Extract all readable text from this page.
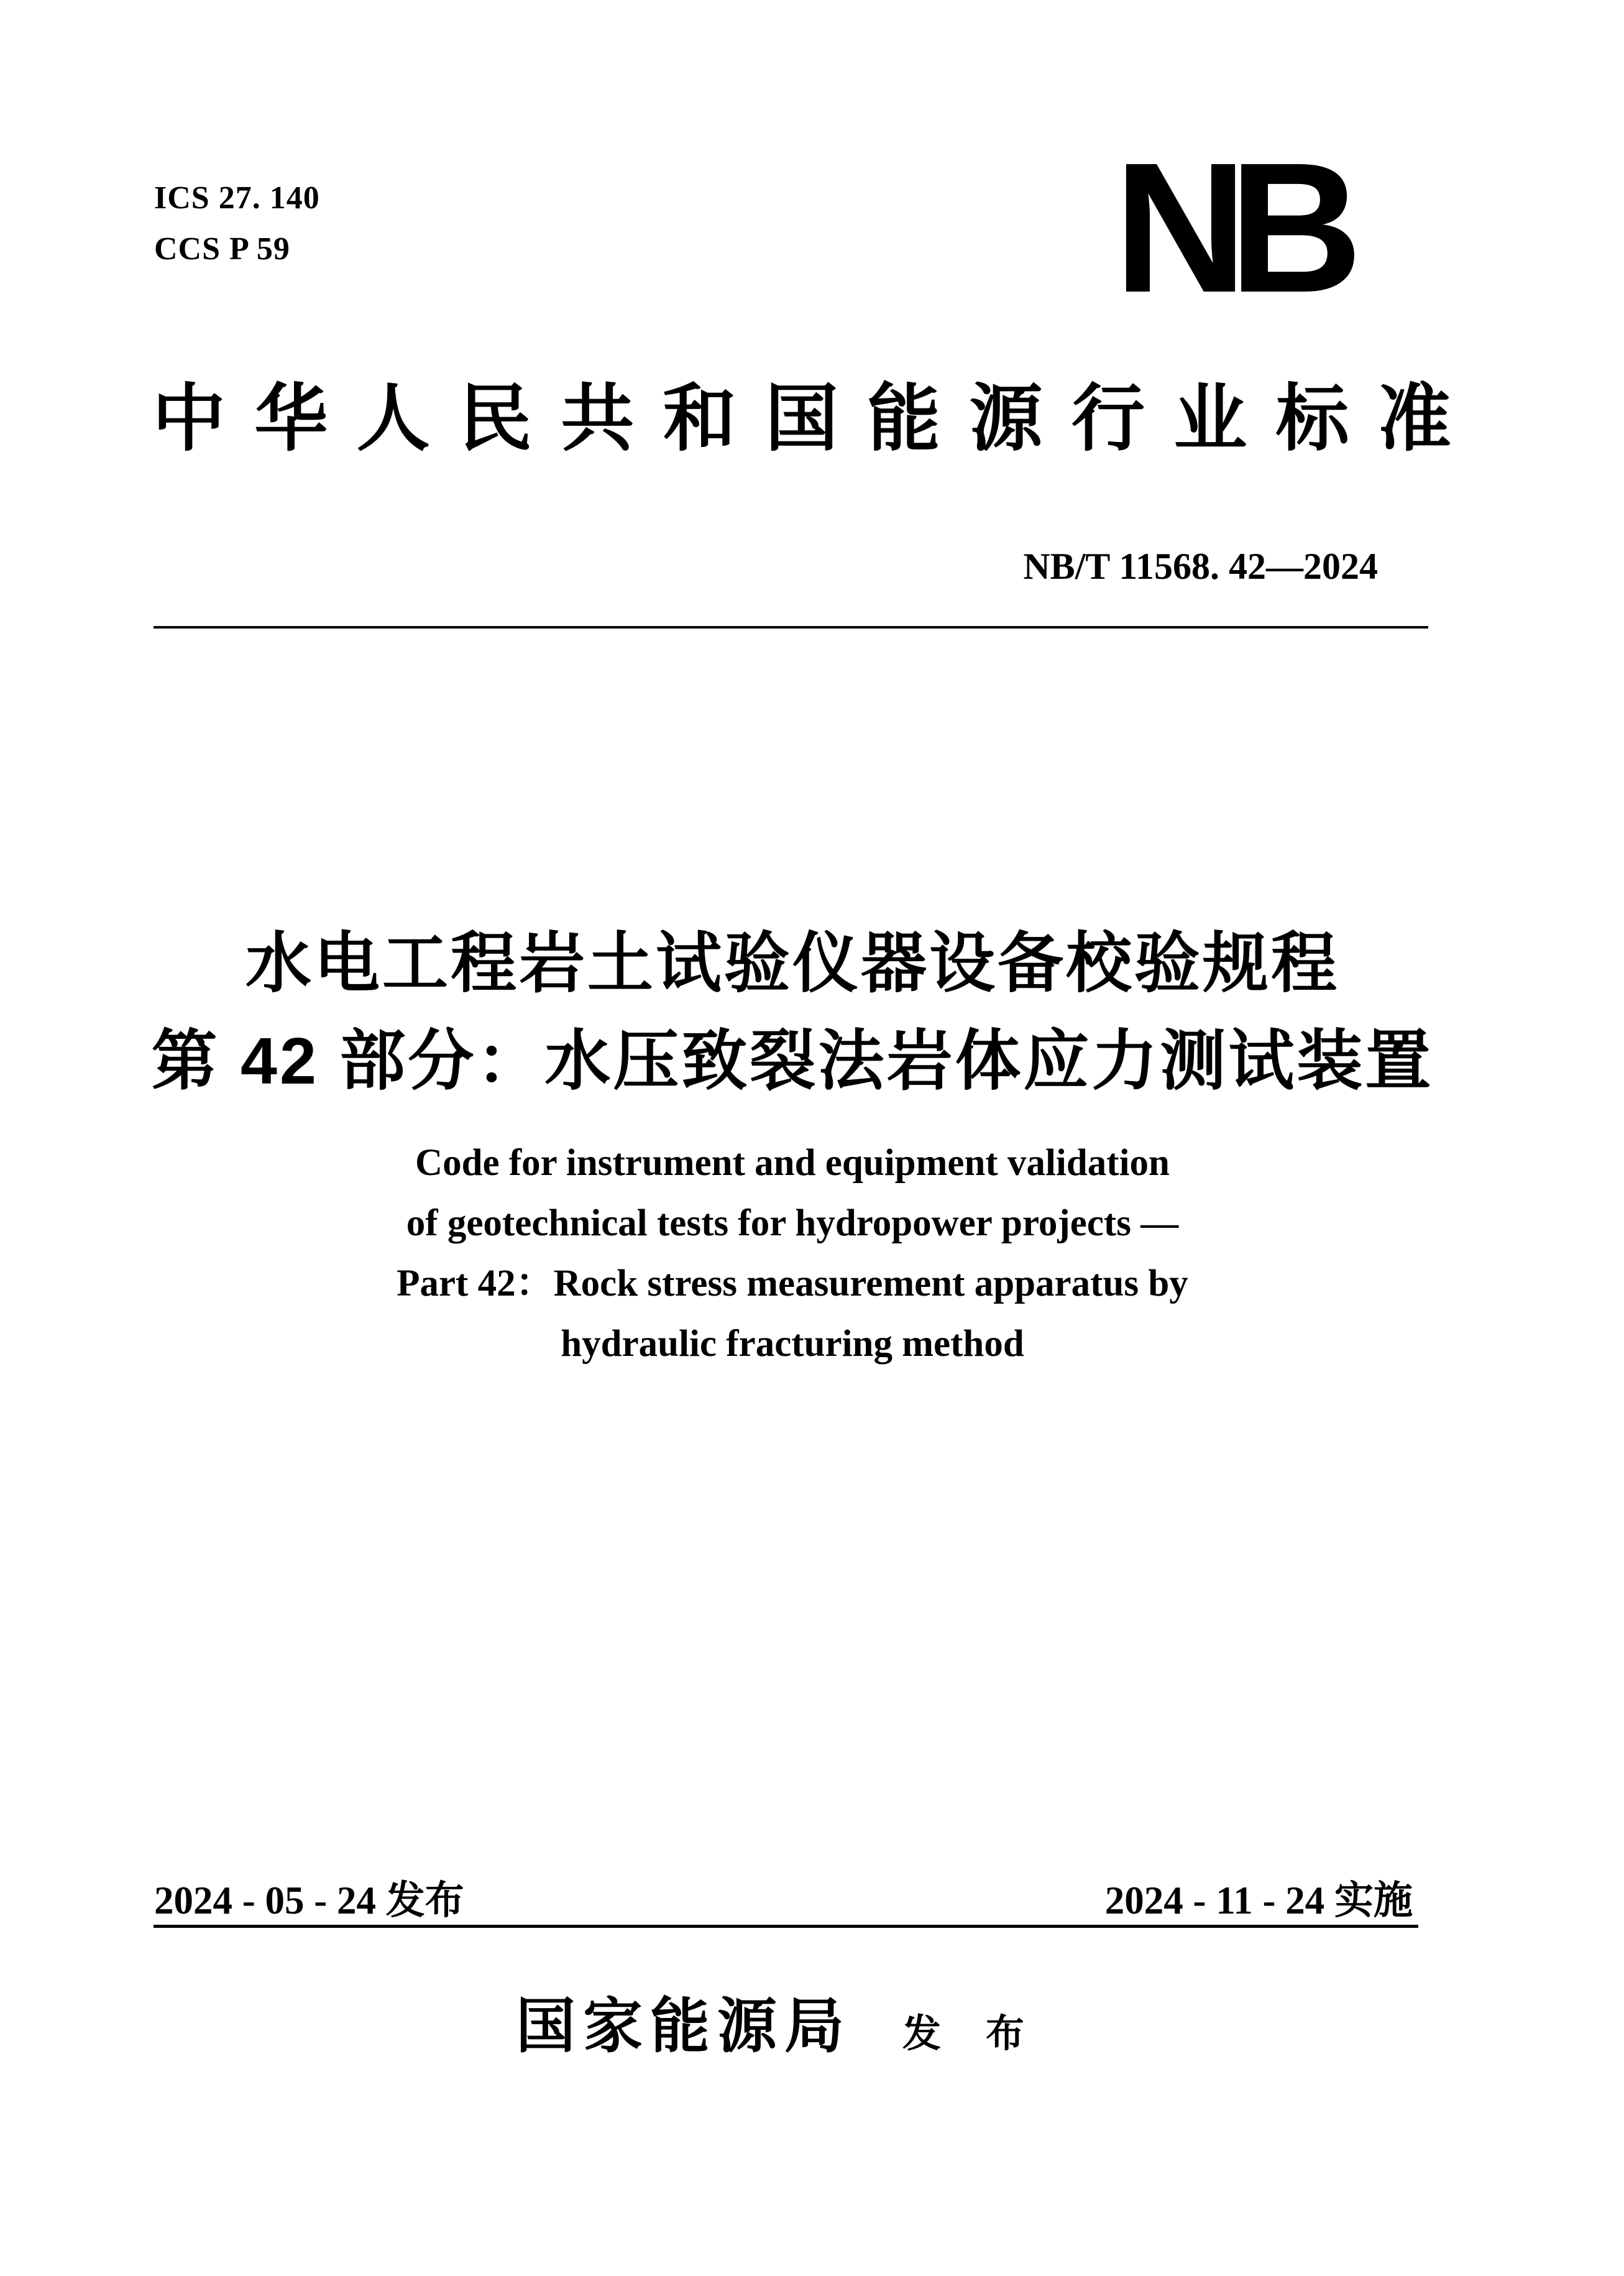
ICS 27. 140
CCS P 59	NB
中 华 人 民 共 和 国 能 源 行 业 标 准
NB/T 11568. 42—2024
水电工程岩土试验仪器设备校验规程
第 42 部分：水压致裂法岩体应力测试装置
Code for instrument and equipment validation
of geotechnical tests for hydropower projects —
Part 42：Rock stress measurement apparatus by
hydraulic fracturing method
2024 - 05 - 24 发布	2024 - 11 - 24 实施
国家能源局 发布
